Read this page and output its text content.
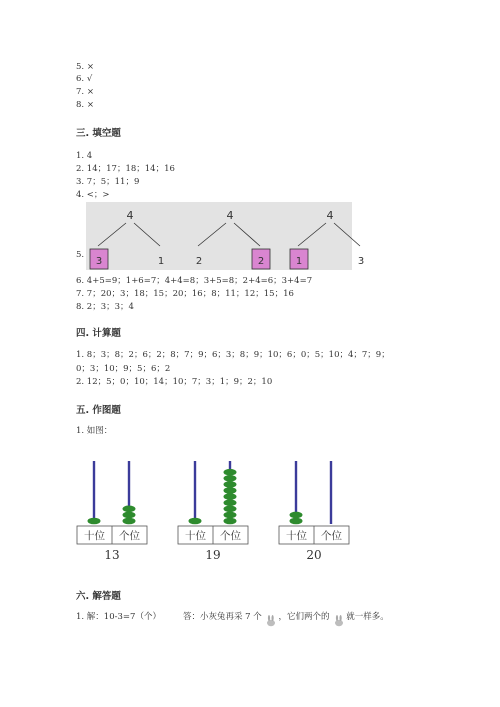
5. ×
6. √
7. ×
8. ×
三. 填空题
1. 4
2. 14；17；18；14；16
3. 7；5；11；9
4. <；>
5.
4
3	1
4
2	2
4
1	3
6. 4+5=9；1+6=7；4+4=8；3+5=8；2+4=6；3+4=7
7. 7；20；3；18；15；20；16；8；11；12；15；16
8. 2；3；3；4
四. 计算题
1. 8；3；8；2；6；2；8；7；9；6；3；8；9；10；6；0；5；10；4；7；9；
0；3；10；9；5；6；2
2. 12；5；0；10；14；10；7；3；1；9；2；10
五. 作图题
1. 如图：
十位 个位
13
十位 个位
19
十位 个位
20
六. 解答题
1. 解：10-3=7（个）	答：小灰兔再采 7 个 ，它们两个的 就一样多。
